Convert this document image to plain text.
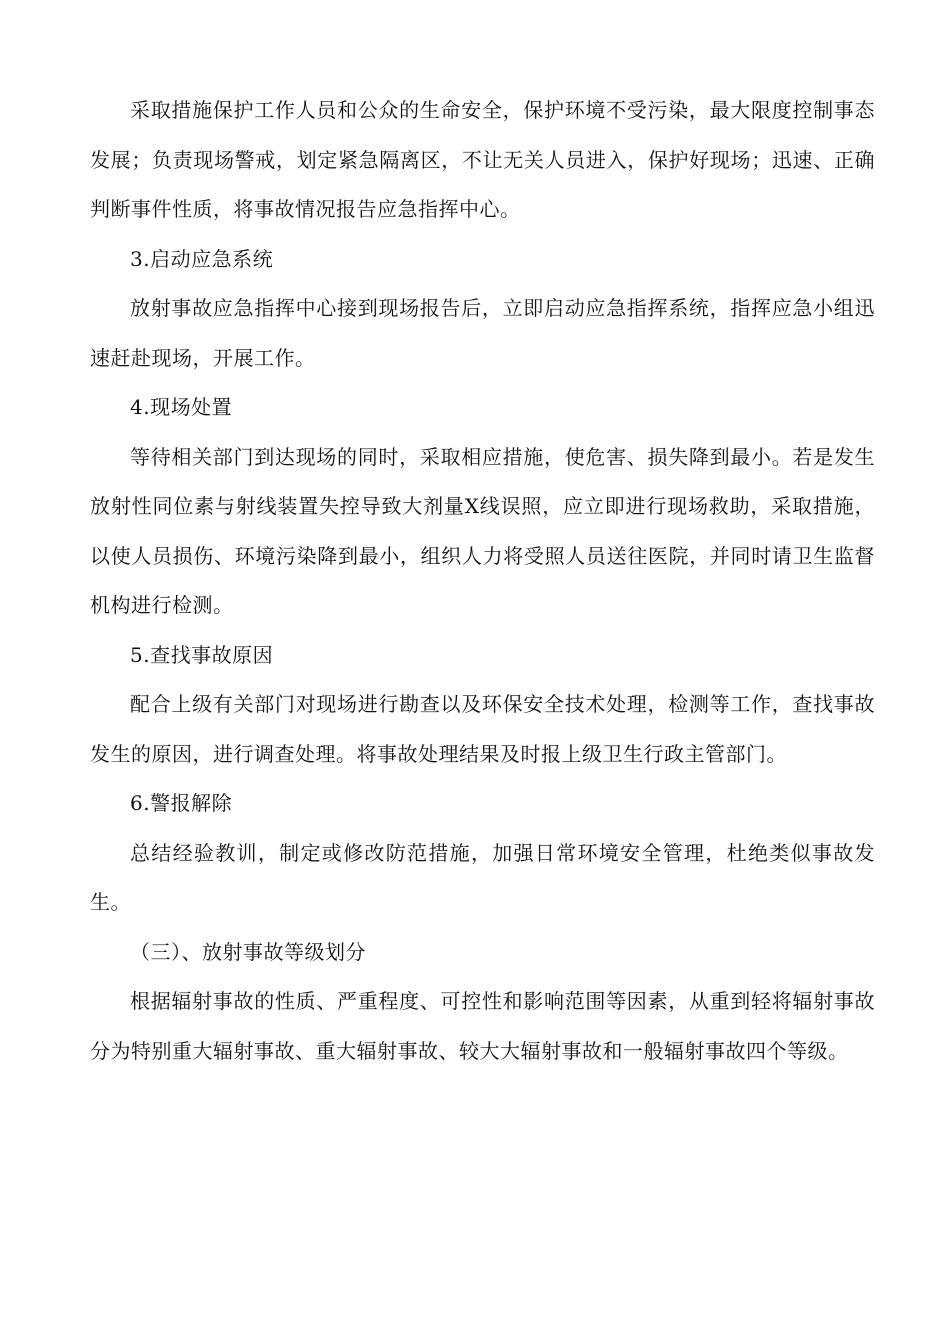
采取措施保护工作人员和公众的生命安全，保护环境不受污染，最大限度控制事态发展；负责现场警戒，划定紧急隔离区，不让无关人员进入，保护好现场；迅速、正确判断事件性质，将事故情况报告应急指挥中心。

3.启动应急系统

放射事故应急指挥中心接到现场报告后，立即启动应急指挥系统，指挥应急小组迅速赶赴现场，开展工作。

4.现场处置

等待相关部门到达现场的同时，采取相应措施，使危害、损失降到最小。若是发生放射性同位素与射线装置失控导致大剂量X线误照，应立即进行现场救助，采取措施，以使人员损伤、环境污染降到最小，组织人力将受照人员送往医院，并同时请卫生监督机构进行检测。

5.查找事故原因

配合上级有关部门对现场进行勘查以及环保安全技术处理，检测等工作，查找事故发生的原因，进行调查处理。将事故处理结果及时报上级卫生行政主管部门。

6.警报解除

总结经验教训，制定或修改防范措施，加强日常环境安全管理，杜绝类似事故发生。

（三）、放射事故等级划分

根据辐射事故的性质、严重程度、可控性和影响范围等因素，从重到轻将辐射事故分为特别重大辐射事故、重大辐射事故、较大大辐射事故和一般辐射事故四个等级。
